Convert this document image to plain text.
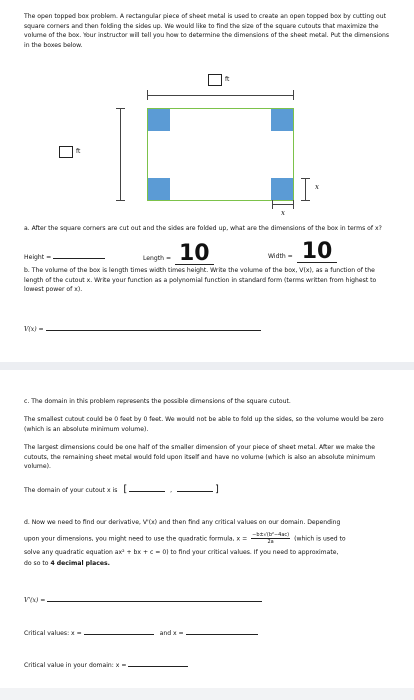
The open topped box problem. A rectangular piece of sheet metal is used to create an open topped box by cutting out square corners and then folding the sides up. We would like to find the size of the square cutouts that maximize the volume of the box. Your instructor will tell you how to determine the dimensions of the sheet metal. Put the dimensions in the boxes below.
ft
ft
x
x
a. After the square corners are cut out and the sides are folded up, what are the dimensions of the box in terms of x?
Height =	Length = 10	Width = 10
b. The volume of the box is length times width times height. Write the volume of the box, V(x), as a function of the length of the cutout x. Write your function as a polynomial function in standard form (terms written from highest to lowest power of x).
V(x) =
c. The domain in this problem represents the possible dimensions of the square cutout.
The smallest cutout could be 0 feet by 0 feet. We would not be able to fold up the sides, so the volume would be zero (which is an absolute minimum volume).
The largest dimensions could be one half of the smaller dimension of your piece of sheet metal. After we make the cutouts, the remaining sheet metal would fold upon itself and have no volume (which is also an absolute minimum volume).
The domain of your cutout x is [	,	]
d. Now we need to find our derivative, V'(x) and then find any critical values on our domain. Depending
upon your dimensions, you might need to use the quadratic formula, $x = \frac{\text{−b±√(b²−4ac)}}{2a}$ (which is used to
solve any quadratic equation ax² + bx + c = 0) to find your critical values. If you need to approximate,
do so to 4 decimal places.
V'(x) =
Critical values: x =	and x =
Critical value in your domain: x =
